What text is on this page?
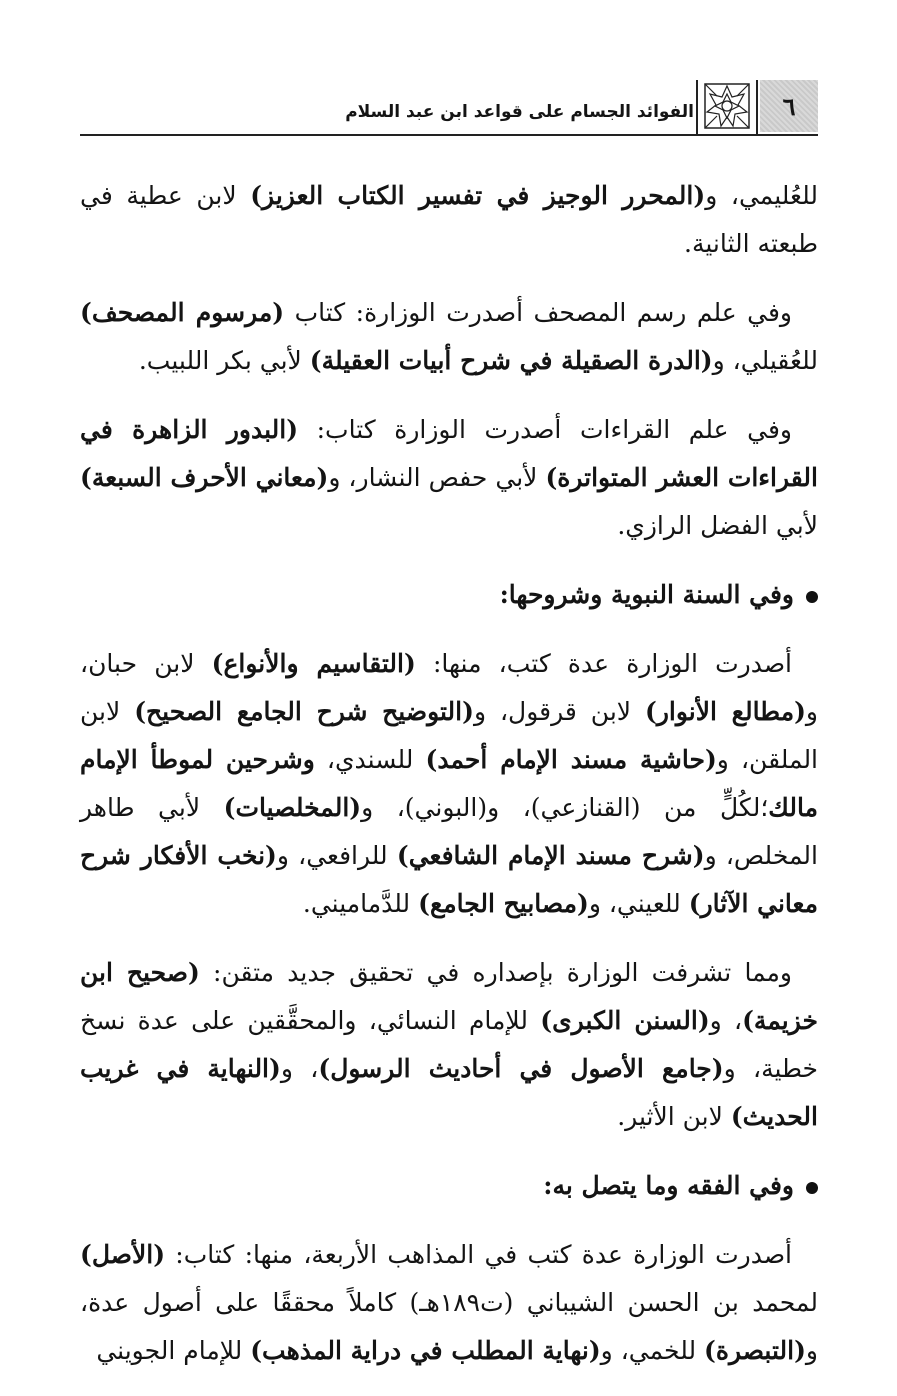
٦
الفوائد الجسام على قواعد ابن عبد السلام

للعُليمي، و(المحرر الوجيز في تفسير الكتاب العزيز) لابن عطية في طبعته الثانية.

وفي علم رسم المصحف أصدرت الوزارة: كتاب (مرسوم المصحف) للعُقيلي، و(الدرة الصقيلة في شرح أبيات العقيلة) لأبي بكر اللبيب.

وفي علم القراءات أصدرت الوزارة كتاب: (البدور الزاهرة في القراءات العشر المتواترة) لأبي حفص النشار، و(معاني الأحرف السبعة) لأبي الفضل الرازي.

وفي السنة النبوية وشروحها:

أصدرت الوزارة عدة كتب، منها: (التقاسيم والأنواع) لابن حبان، و(مطالع الأنوار) لابن قرقول، و(التوضيح شرح الجامع الصحيح) لابن الملقن، و(حاشية مسند الإمام أحمد) للسندي، وشرحين لموطأ الإمام مالك؛لكُلٍّ من (القنازعي)، و(البوني)، و(المخلصيات) لأبي طاهر المخلص، و(شرح مسند الإمام الشافعي) للرافعي، و(نخب الأفكار شرح معاني الآثار) للعيني، و(مصابيح الجامع) للدَّماميني.

ومما تشرفت الوزارة بإصداره في تحقيق جديد متقن: (صحيح ابن خزيمة)، و(السنن الكبرى) للإمام النسائي، والمحقَّقين على عدة نسخ خطية، و(جامع الأصول في أحاديث الرسول)، و(النهاية في غريب الحديث) لابن الأثير.

وفي الفقه وما يتصل به:

أصدرت الوزارة عدة كتب في المذاهب الأربعة، منها: كتاب: (الأصل) لمحمد بن الحسن الشيباني (ت١٨٩هـ) كاملاً محققًا على أصول عدة، و(التبصرة) للخمي، و(نهاية المطلب في دراية المذهب) للإمام الجويني
